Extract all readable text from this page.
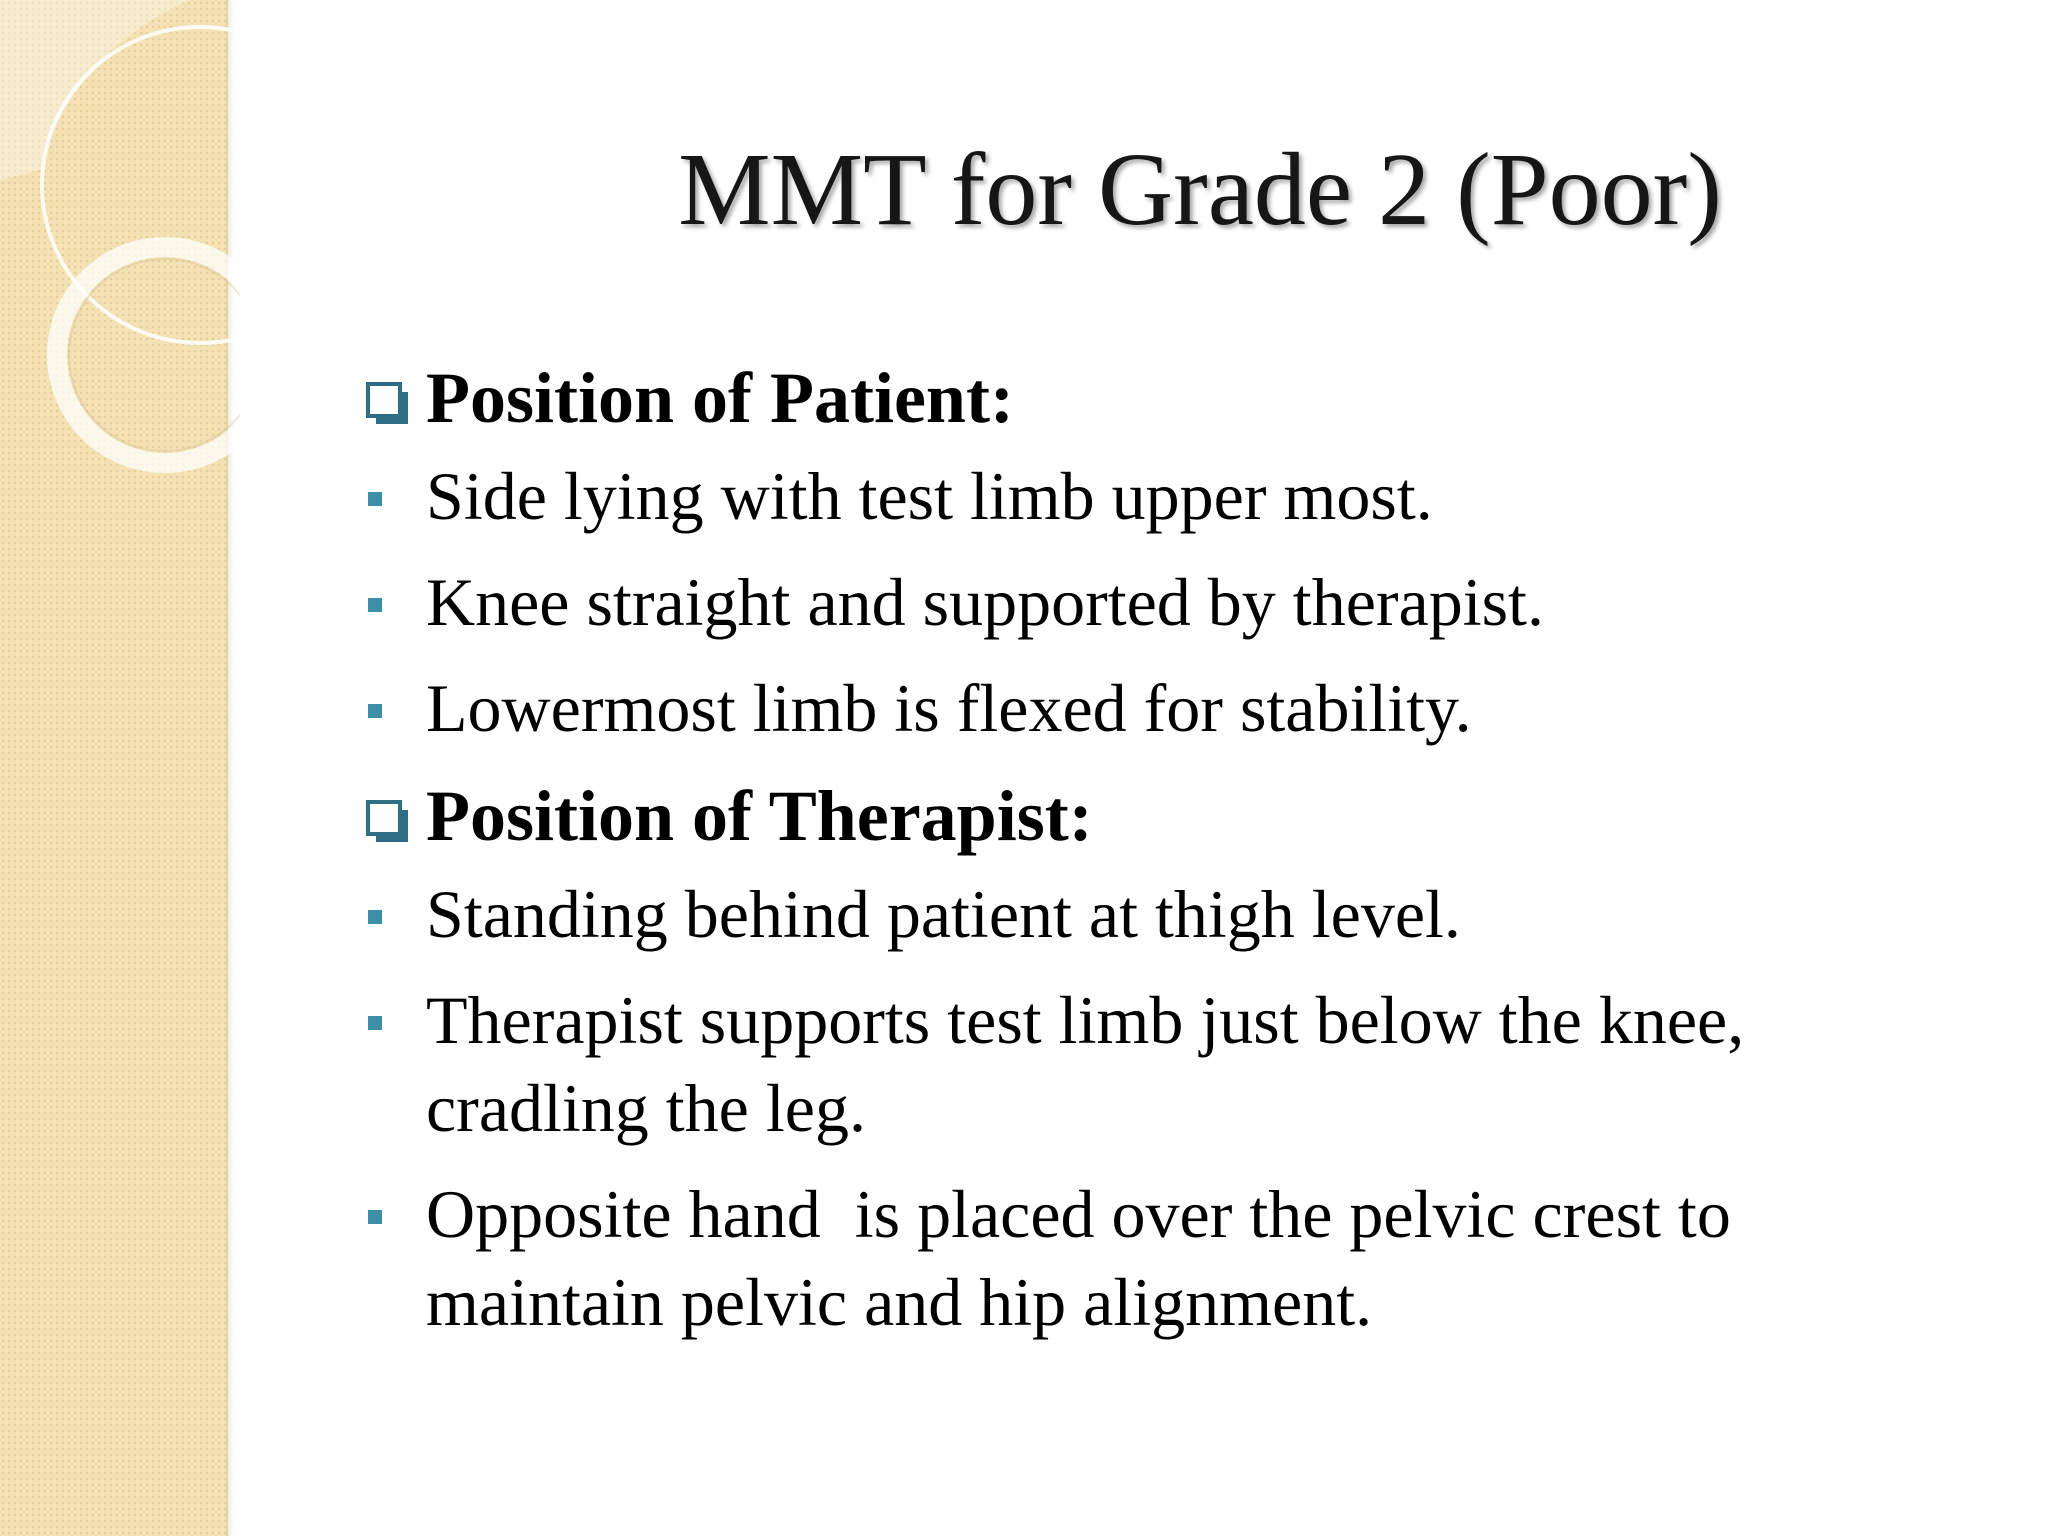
MMT for Grade 2 (Poor)
Position of Patient:
Side lying with test limb upper most.
Knee straight and supported by therapist.
Lowermost limb is flexed for stability.
Position of Therapist:
Standing behind patient at thigh level.
Therapist supports test limb just below the knee, cradling the leg.
Opposite hand  is placed over the pelvic crest to maintain pelvic and hip alignment.
